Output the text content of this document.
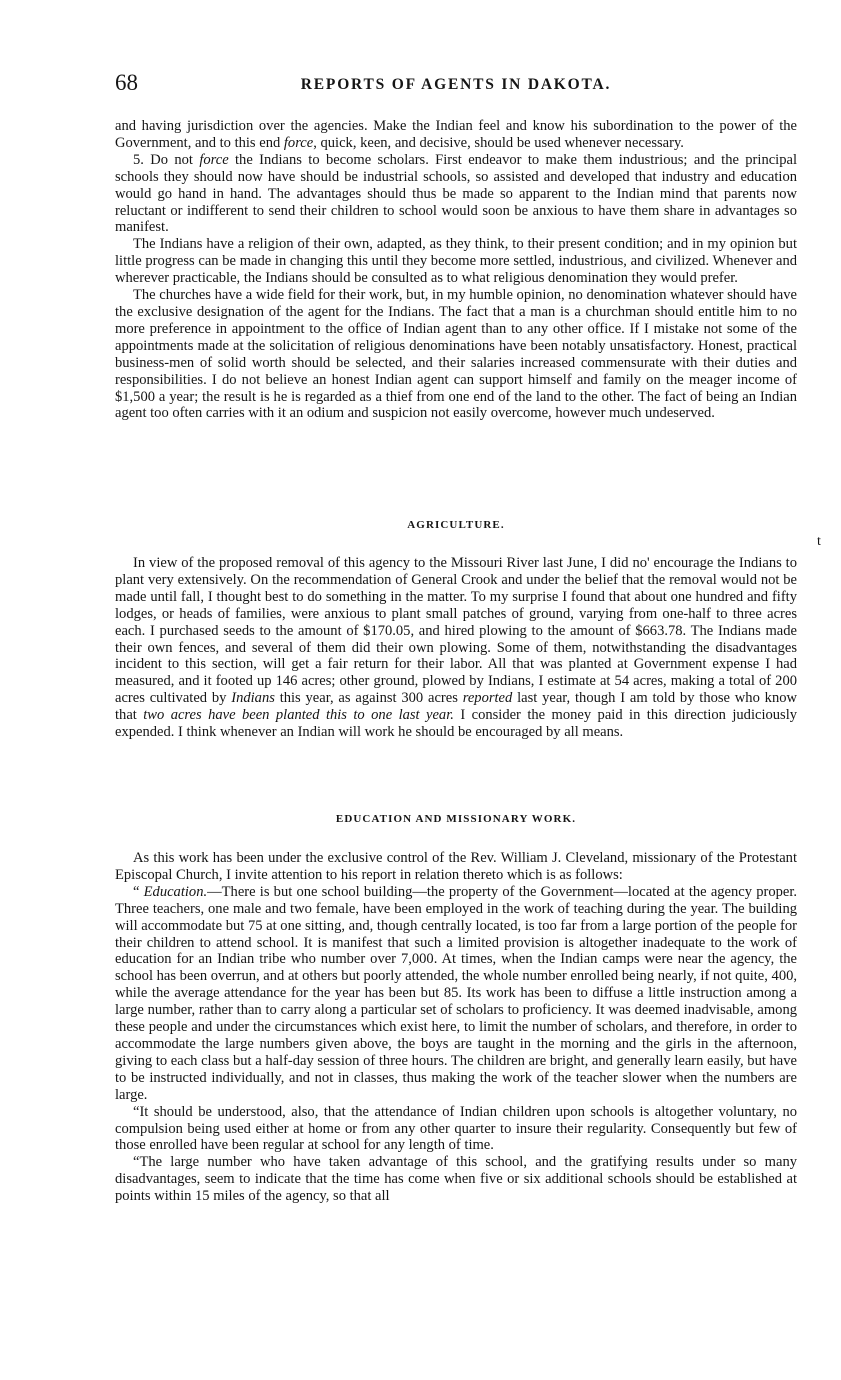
68	REPORTS OF AGENTS IN DAKOTA.

and having jurisdiction over the agencies. Make the Indian feel and know his subordination to the power of the Government, and to this end force, quick, keen, and decisive, should be used whenever necessary.

5. Do not force the Indians to become scholars. First endeavor to make them industrious; and the principal schools they should now have should be industrial schools, so assisted and developed that industry and education would go hand in hand. The advantages should thus be made so apparent to the Indian mind that parents now reluctant or indifferent to send their children to school would soon be anxious to have them share in advantages so manifest.

The Indians have a religion of their own, adapted, as they think, to their present condition; and in my opinion but little progress can be made in changing this until they become more settled, industrious, and civilized. Whenever and wherever practicable, the Indians should be consulted as to what religious denomination they would prefer.

The churches have a wide field for their work, but, in my humble opinion, no denomination whatever should have the exclusive designation of the agent for the Indians. The fact that a man is a churchman should entitle him to no more preference in appointment to the office of Indian agent than to any other office. If I mistake not some of the appointments made at the solicitation of religious denominations have been notably unsatisfactory. Honest, practical business-men of solid worth should be selected, and their salaries increased commensurate with their duties and responsibilities. I do not believe an honest Indian agent can support himself and family on the meager income of $1,500 a year; the result is he is regarded as a thief from one end of the land to the other. The fact of being an Indian agent too often carries with it an odium and suspicion not easily overcome, however much undeserved.

AGRICULTURE.
t

In view of the proposed removal of this agency to the Missouri River last June, I did no' encourage the Indians to plant very extensively. On the recommendation of General Crook and under the belief that the removal would not be made until fall, I thought best to do something in the matter. To my surprise I found that about one hundred and fifty lodges, or heads of families, were anxious to plant small patches of ground, varying from one-half to three acres each. I purchased seeds to the amount of $170.05, and hired plowing to the amount of $663.78. The Indians made their own fences, and several of them did their own plowing. Some of them, notwithstanding the disadvantages incident to this section, will get a fair return for their labor. All that was planted at Government expense I had measured, and it footed up 146 acres; other ground, plowed by Indians, I estimate at 54 acres, making a total of 200 acres cultivated by Indians this year, as against 300 acres reported last year, though I am told by those who know that two acres have been planted this to one last year. I consider the money paid in this direction judiciously expended. I think whenever an Indian will work he should be encouraged by all means.

EDUCATION AND MISSIONARY WORK.

As this work has been under the exclusive control of the Rev. William J. Cleveland, missionary of the Protestant Episcopal Church, I invite attention to his report in relation thereto which is as follows:

“ Education.—There is but one school building—the property of the Government—located at the agency proper. Three teachers, one male and two female, have been employed in the work of teaching during the year. The building will accommodate but 75 at one sitting, and, though centrally located, is too far from a large portion of the people for their children to attend school. It is manifest that such a limited provision is altogether inadequate to the work of education for an Indian tribe who number over 7,000. At times, when the Indian camps were near the agency, the school has been overrun, and at others but poorly attended, the whole number enrolled being nearly, if not quite, 400, while the average attendance for the year has been but 85. Its work has been to diffuse a little instruction among a large number, rather than to carry along a particular set of scholars to proficiency. It was deemed inadvisable, among these people and under the circumstances which exist here, to limit the number of scholars, and therefore, in order to accommodate the large numbers given above, the boys are taught in the morning and the girls in the afternoon, giving to each class but a half-day session of three hours. The children are bright, and generally learn easily, but have to be instructed individually, and not in classes, thus making the work of the teacher slower when the numbers are large.

“It should be understood, also, that the attendance of Indian children upon schools is altogether voluntary, no compulsion being used either at home or from any other quarter to insure their regularity. Consequently but few of those enrolled have been regular at school for any length of time.

“The large number who have taken advantage of this school, and the gratifying results under so many disadvantages, seem to indicate that the time has come when five or six additional schools should be established at points within 15 miles of the agency, so that all
